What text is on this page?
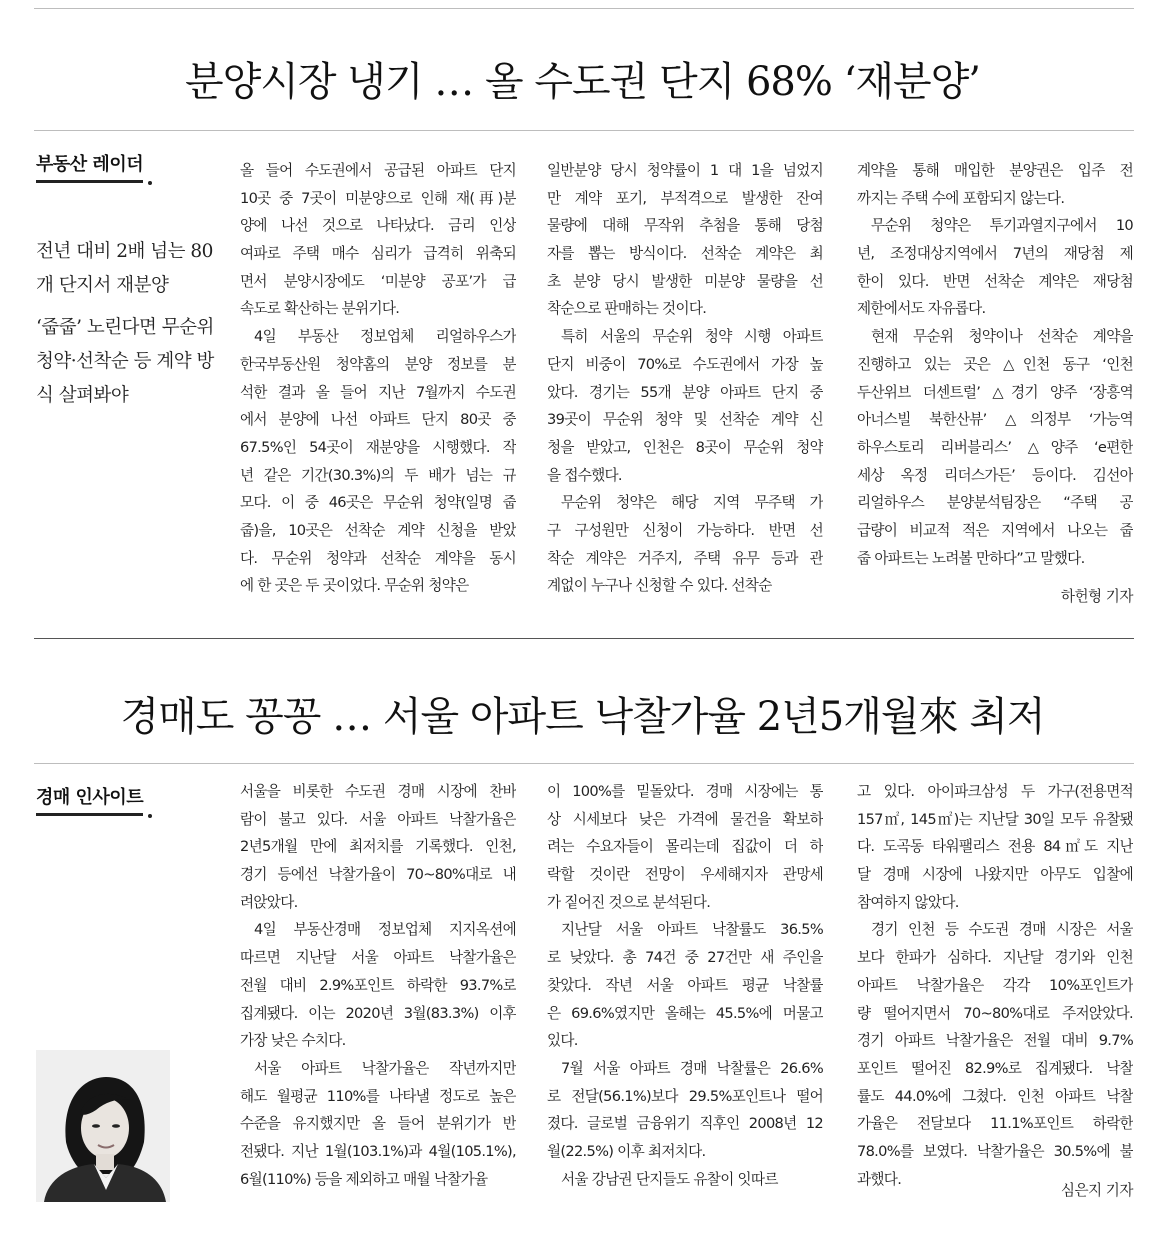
분양시장 냉기 … 올 수도권 단지 68% ‘재분양’
부동산 레이더

전년 대비 2배 넘는 80개 단지서 재분양

‘줍줍’ 노린다면 무순위청약·선착순 등 계약 방식 살펴봐야

올 들어 수도권에서 공급된 아파트 단지
10곳 중 7곳이 미분양으로 인해 재(再)분
양에 나선 것으로 나타났다. 금리 인상
여파로 주택 매수 심리가 급격히 위축되
면서 분양시장에도 ‘미분양 공포’가 급
속도로 확산하는 분위기다.
4일 부동산 정보업체 리얼하우스가
한국부동산원 청약홈의 분양 정보를 분
석한 결과 올 들어 지난 7월까지 수도권
에서 분양에 나선 아파트 단지 80곳 중
67.5%인 54곳이 재분양을 시행했다. 작
년 같은 기간(30.3%)의 두 배가 넘는 규
모다. 이 중 46곳은 무순위 청약(일명 줍
줍)을, 10곳은 선착순 계약 신청을 받았
다. 무순위 청약과 선착순 계약을 동시
에 한 곳은 두 곳이었다. 무순위 청약은
일반분양 당시 청약률이 1 대 1을 넘었지
만 계약 포기, 부적격으로 발생한 잔여
물량에 대해 무작위 추첨을 통해 당첨
자를 뽑는 방식이다. 선착순 계약은 최
초 분양 당시 발생한 미분양 물량을 선
착순으로 판매하는 것이다.
특히 서울의 무순위 청약 시행 아파트
단지 비중이 70%로 수도권에서 가장 높
았다. 경기는 55개 분양 아파트 단지 중
39곳이 무순위 청약 및 선착순 계약 신
청을 받았고, 인천은 8곳이 무순위 청약
을 접수했다.
무순위 청약은 해당 지역 무주택 가
구 구성원만 신청이 가능하다. 반면 선
착순 계약은 거주지, 주택 유무 등과 관
계없이 누구나 신청할 수 있다. 선착순
계약을 통해 매입한 분양권은 입주 전
까지는 주택 수에 포함되지 않는다.
무순위 청약은 투기과열지구에서 10
년, 조정대상지역에서 7년의 재당첨 제
한이 있다. 반면 선착순 계약은 재당첨
제한에서도 자유롭다.
현재 무순위 청약이나 선착순 계약을
진행하고 있는 곳은 △인천 동구 ‘인천
두산위브 더센트럴’ △경기 양주 ‘장흥역
아너스빌 북한산뷰’ △의정부 ‘가능역
하우스토리 리버블리스’ △양주 ‘e편한
세상 옥정 리더스가든’ 등이다. 김선아
리얼하우스 분양분석팀장은 “주택 공
급량이 비교적 적은 지역에서 나오는 줍
줍 아파트는 노려볼 만하다”고 말했다.
하헌형 기자
경매도 꽁꽁 … 서울 아파트 낙찰가율 2년5개월來 최저
경매 인사이트	서울을 비롯한 수도권 경매 시장에 찬바
람이 불고 있다. 서울 아파트 낙찰가율은
2년5개월 만에 최저치를 기록했다. 인천,
경기 등에선 낙찰가율이 70~80%대로 내
려앉았다.
4일 부동산경매 정보업체 지지옥션에
따르면 지난달 서울 아파트 낙찰가율은
전월 대비 2.9%포인트 하락한 93.7%로
집계됐다. 이는 2020년 3월(83.3%) 이후
가장 낮은 수치다.
서울 아파트 낙찰가율은 작년까지만
해도 월평균 110%를 나타낼 정도로 높은
수준을 유지했지만 올 들어 분위기가 반
전됐다. 지난 1월(103.1%)과 4월(105.1%),
6월(110%) 등을 제외하고 매월 낙찰가율
이 100%를 밑돌았다. 경매 시장에는 통
상 시세보다 낮은 가격에 물건을 확보하
려는 수요자들이 몰리는데 집값이 더 하
락할 것이란 전망이 우세해지자 관망세
가 짙어진 것으로 분석된다.
지난달 서울 아파트 낙찰률도 36.5%
로 낮았다. 총 74건 중 27건만 새 주인을
찾았다. 작년 서울 아파트 평균 낙찰률
은 69.6%였지만 올해는 45.5%에 머물고
있다.
7월 서울 아파트 경매 낙찰률은 26.6%
로 전달(56.1%)보다 29.5%포인트나 떨어
졌다. 글로벌 금융위기 직후인 2008년 12
월(22.5%) 이후 최저치다.
서울 강남권 단지들도 유찰이 잇따르
고 있다. 아이파크삼성 두 가구(전용면적
157㎡, 145㎡)는 지난달 30일 모두 유찰됐
다. 도곡동 타워팰리스 전용 84㎡도 지난
달 경매 시장에 나왔지만 아무도 입찰에
참여하지 않았다.
경기 인천 등 수도권 경매 시장은 서울
보다 한파가 심하다. 지난달 경기와 인천
아파트 낙찰가율은 각각 10%포인트가
량 떨어지면서 70~80%대로 주저앉았다.
경기 아파트 낙찰가율은 전월 대비 9.7%
포인트 떨어진 82.9%로 집계됐다. 낙찰
률도 44.0%에 그쳤다. 인천 아파트 낙찰
가율은 전달보다 11.1%포인트 하락한
78.0%를 보였다. 낙찰가율은 30.5%에 불
과했다.
심은지 기자
